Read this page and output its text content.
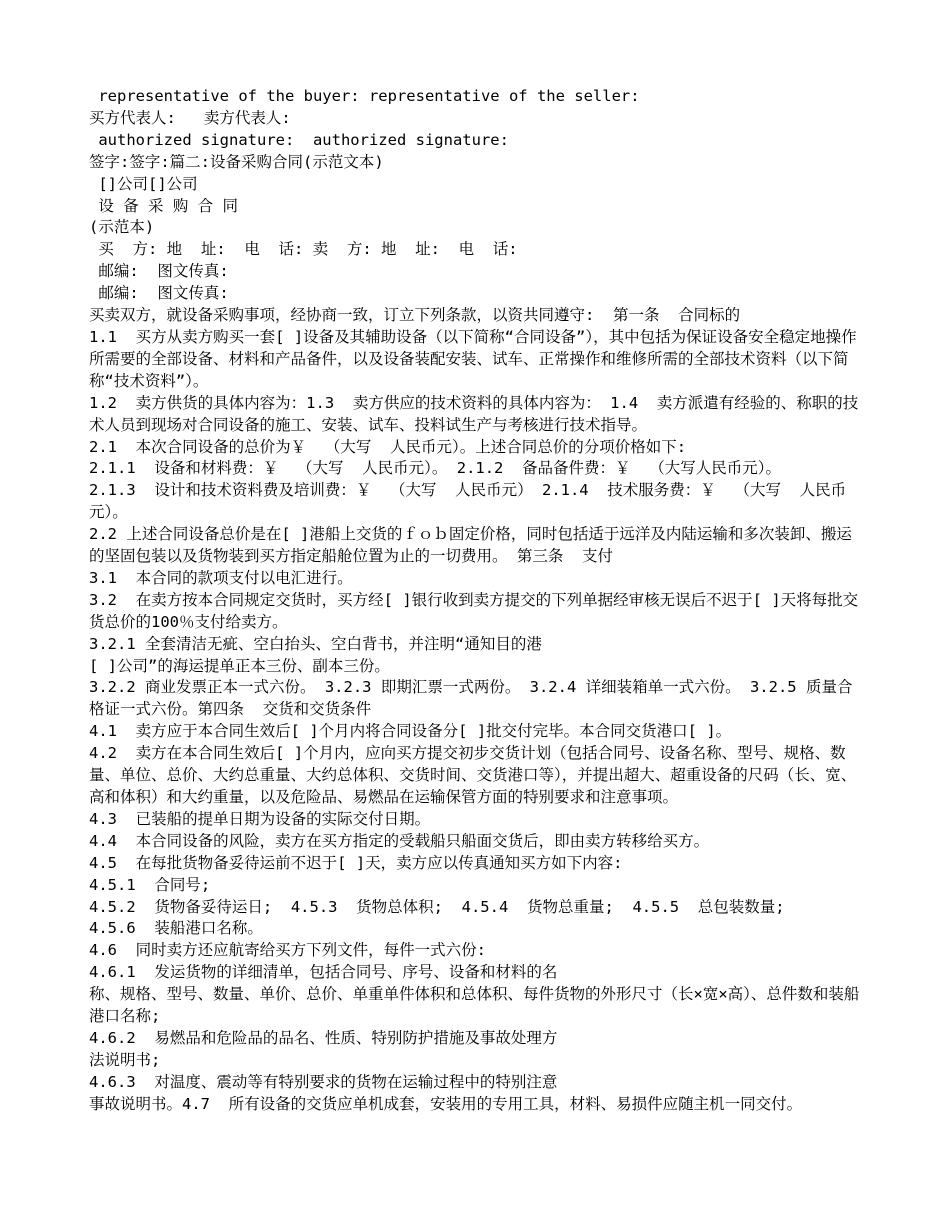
representative of the buyer: representative of the seller:
买方代表人:   卖方代表人:
authorized signature:  authorized signature:
签字:签字:篇二:设备采购合同(示范文本)
[]公司[]公司
设 备 采 购 合 同
(示范本)
买  方: 地  址:  电  话: 卖  方: 地  址:  电  话:
邮编:  图文传真:
邮编:  图文传真:
买卖双方，就设备采购事项，经协商一致，订立下列条款，以资共同遵守:  第一条  合同标的
1.1  买方从卖方购买一套[ ]设备及其辅助设备（以下简称“合同设备”），其中包括为保证设备安全稳定地操作所需要的全部设备、材料和产品备件，以及设备装配安装、试车、正常操作和维修所需的全部技术资料（以下简称“技术资料”）。
1.2  卖方供货的具体内容为：1.3  卖方供应的技术资料的具体内容为： 1.4  卖方派遣有经验的、称职的技术人员到现场对合同设备的施工、安装、试车、投料试生产与考核进行技术指导。
2.1  本次合同设备的总价为￥  （大写  人民币元）。上述合同总价的分项价格如下:
2.1.1  设备和材料费：￥  （大写  人民币元）。 2.1.2  备品备件费：￥  （大写人民币元）。
2.1.3  设计和技术资料费及培训费：￥  （大写  人民币元） 2.1.4  技术服务费：￥  （大写  人民币元）。
2.2 上述合同设备总价是在[ ]港船上交货的ｆｏｂ固定价格，同时包括适于远洋及内陆运输和多次装卸、搬运的坚固包装以及货物装到买方指定船舱位置为止的一切费用。 第三条  支付
3.1  本合同的款项支付以电汇进行。
3.2  在卖方按本合同规定交货时，买方经[ ]银行收到卖方提交的下列单据经审核无误后不迟于[ ]天将每批交货总价的100％支付给卖方。
3.2.1 全套清洁无疵、空白抬头、空白背书，并注明“通知目的港
[ ]公司”的海运提单正本三份、副本三份。
3.2.2 商业发票正本一式六份。 3.2.3 即期汇票一式两份。 3.2.4 详细装箱单一式六份。 3.2.5 质量合格证一式六份。第四条  交货和交货条件
4.1  卖方应于本合同生效后[ ]个月内将合同设备分[ ]批交付完毕。本合同交货港口[ ]。
4.2  卖方在本合同生效后[ ]个月内，应向买方提交初步交货计划（包括合同号、设备名称、型号、规格、数量、单位、总价、大约总重量、大约总体积、交货时间、交货港口等），并提出超大、超重设备的尺码（长、宽、高和体积）和大约重量，以及危险品、易燃品在运输保管方面的特别要求和注意事项。
4.3  已装船的提单日期为设备的实际交付日期。
4.4  本合同设备的风险，卖方在买方指定的受载船只船面交货后，即由卖方转移给买方。
4.5  在每批货物备妥待运前不迟于[ ]天，卖方应以传真通知买方如下内容:
4.5.1  合同号;
4.5.2  货物备妥待运日;  4.5.3  货物总体积;  4.5.4  货物总重量;  4.5.5  总包装数量;
4.5.6  装船港口名称。
4.6  同时卖方还应航寄给买方下列文件，每件一式六份:
4.6.1  发运货物的详细清单，包括合同号、序号、设备和材料的名
称、规格、型号、数量、单价、总价、单重单件体积和总体积、每件货物的外形尺寸（长×宽×高）、总件数和装船港口名称;
4.6.2  易燃品和危险品的品名、性质、特别防护措施及事故处理方
法说明书;
4.6.3  对温度、震动等有特别要求的货物在运输过程中的特别注意
事故说明书。4.7  所有设备的交货应单机成套，安装用的专用工具，材料、易损件应随主机一同交付。
